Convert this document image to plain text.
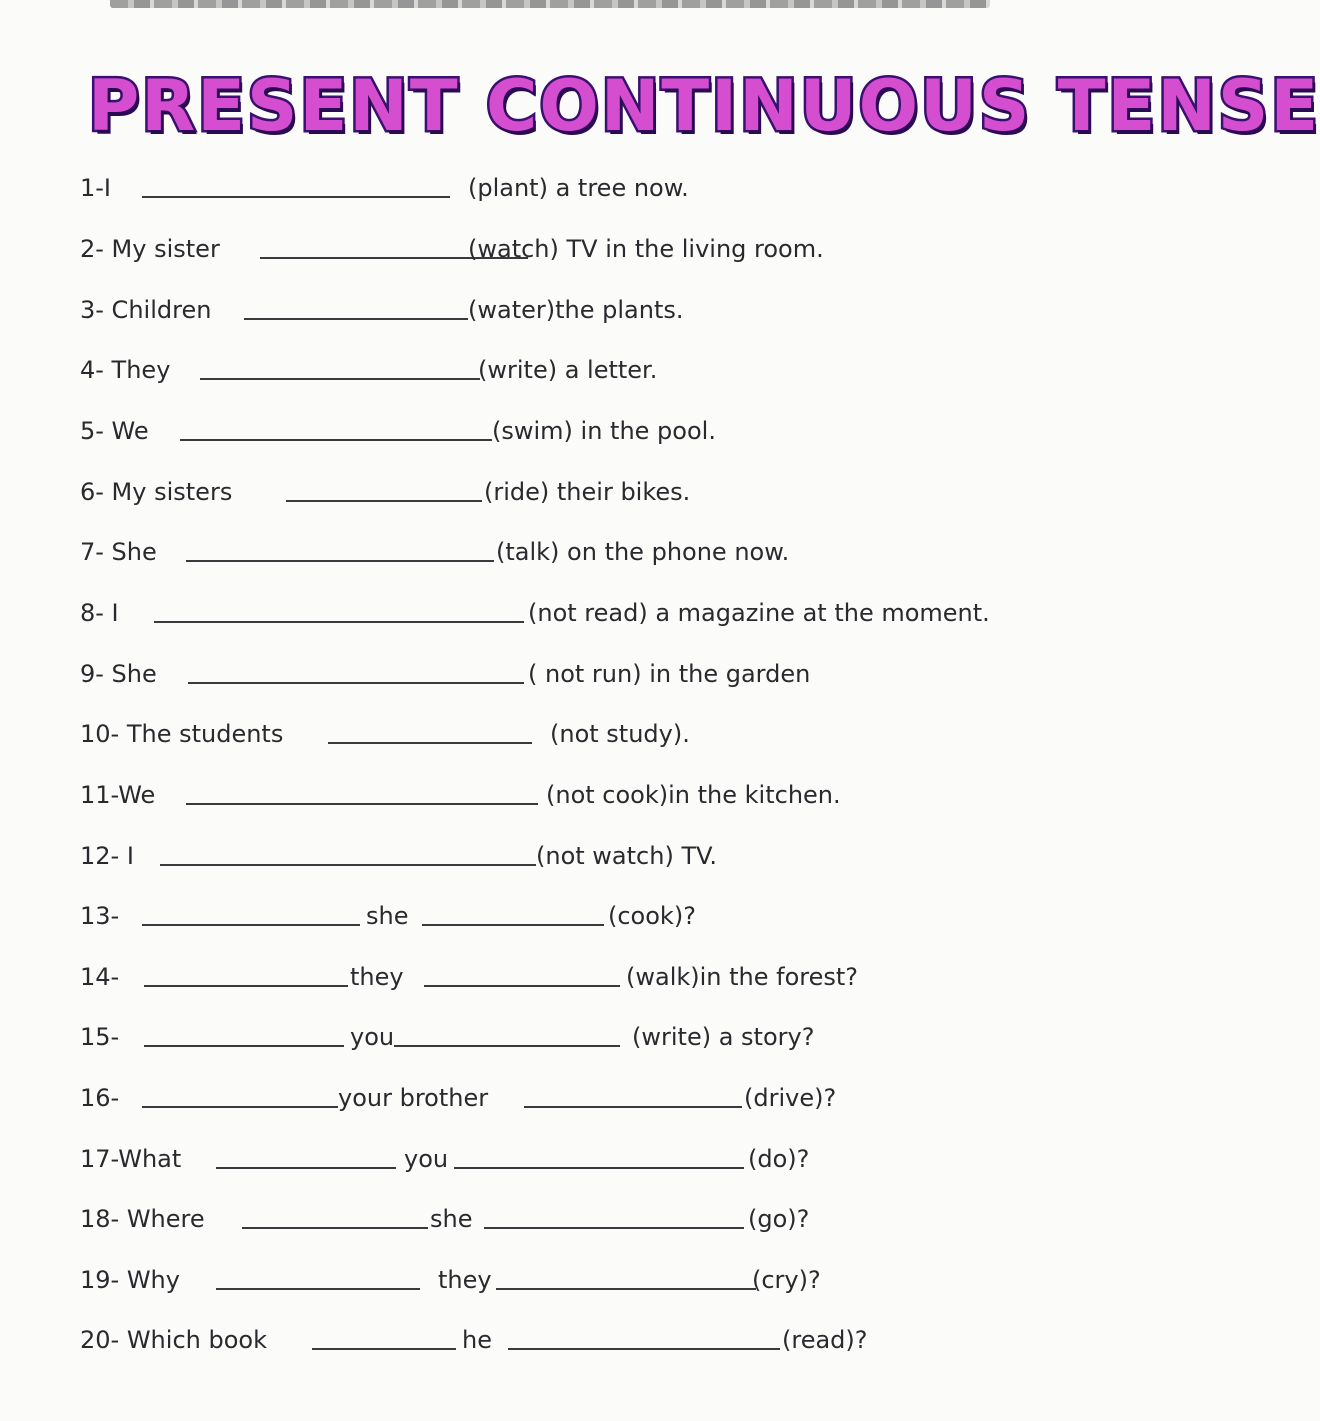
PRESENT CONTINUOUS TENSE
1-I	(plant) a tree now.
2- My sister	(watch) TV in the living room.
3- Children	(water)the plants.
4- They	(write) a letter.
5- We	(swim) in the pool.
6- My sisters	(ride) their bikes.
7- She	(talk) on the phone now.
8- I	(not read) a magazine at the moment.
9- She	( not run) in the garden
10- The students	(not study).
11-We	(not cook)in the kitchen.
12- I	(not watch) TV.
13-	she	(cook)?
14-	they	(walk)in the forest?
15-	you	(write) a story?
16-	your brother	(drive)?
17-What	you	(do)?
18- Where	she	(go)?
19- Why	they	(cry)?
20- Which book	he	(read)?
